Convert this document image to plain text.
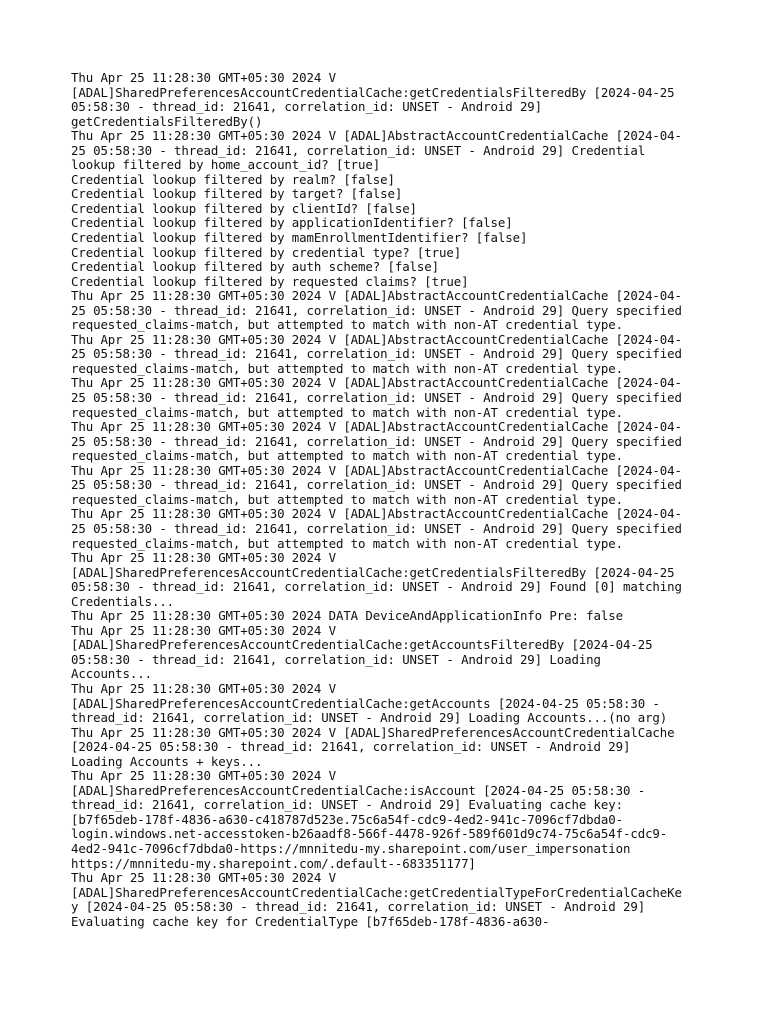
Thu Apr 25 11:28:30 GMT+05:30 2024 V
[ADAL]SharedPreferencesAccountCredentialCache:getCredentialsFilteredBy [2024-04-25
05:58:30 - thread_id: 21641, correlation_id: UNSET - Android 29]
getCredentialsFilteredBy()
Thu Apr 25 11:28:30 GMT+05:30 2024 V [ADAL]AbstractAccountCredentialCache [2024-04-
25 05:58:30 - thread_id: 21641, correlation_id: UNSET - Android 29] Credential
lookup filtered by home_account_id? [true]
Credential lookup filtered by realm? [false]
Credential lookup filtered by target? [false]
Credential lookup filtered by clientId? [false]
Credential lookup filtered by applicationIdentifier? [false]
Credential lookup filtered by mamEnrollmentIdentifier? [false]
Credential lookup filtered by credential type? [true]
Credential lookup filtered by auth scheme? [false]
Credential lookup filtered by requested claims? [true]
Thu Apr 25 11:28:30 GMT+05:30 2024 V [ADAL]AbstractAccountCredentialCache [2024-04-
25 05:58:30 - thread_id: 21641, correlation_id: UNSET - Android 29] Query specified
requested_claims-match, but attempted to match with non-AT credential type.
Thu Apr 25 11:28:30 GMT+05:30 2024 V [ADAL]AbstractAccountCredentialCache [2024-04-
25 05:58:30 - thread_id: 21641, correlation_id: UNSET - Android 29] Query specified
requested_claims-match, but attempted to match with non-AT credential type.
Thu Apr 25 11:28:30 GMT+05:30 2024 V [ADAL]AbstractAccountCredentialCache [2024-04-
25 05:58:30 - thread_id: 21641, correlation_id: UNSET - Android 29] Query specified
requested_claims-match, but attempted to match with non-AT credential type.
Thu Apr 25 11:28:30 GMT+05:30 2024 V [ADAL]AbstractAccountCredentialCache [2024-04-
25 05:58:30 - thread_id: 21641, correlation_id: UNSET - Android 29] Query specified
requested_claims-match, but attempted to match with non-AT credential type.
Thu Apr 25 11:28:30 GMT+05:30 2024 V [ADAL]AbstractAccountCredentialCache [2024-04-
25 05:58:30 - thread_id: 21641, correlation_id: UNSET - Android 29] Query specified
requested_claims-match, but attempted to match with non-AT credential type.
Thu Apr 25 11:28:30 GMT+05:30 2024 V [ADAL]AbstractAccountCredentialCache [2024-04-
25 05:58:30 - thread_id: 21641, correlation_id: UNSET - Android 29] Query specified
requested_claims-match, but attempted to match with non-AT credential type.
Thu Apr 25 11:28:30 GMT+05:30 2024 V
[ADAL]SharedPreferencesAccountCredentialCache:getCredentialsFilteredBy [2024-04-25
05:58:30 - thread_id: 21641, correlation_id: UNSET - Android 29] Found [0] matching
Credentials...
Thu Apr 25 11:28:30 GMT+05:30 2024 DATA DeviceAndApplicationInfo Pre: false
Thu Apr 25 11:28:30 GMT+05:30 2024 V
[ADAL]SharedPreferencesAccountCredentialCache:getAccountsFilteredBy [2024-04-25
05:58:30 - thread_id: 21641, correlation_id: UNSET - Android 29] Loading
Accounts...
Thu Apr 25 11:28:30 GMT+05:30 2024 V
[ADAL]SharedPreferencesAccountCredentialCache:getAccounts [2024-04-25 05:58:30 -
thread_id: 21641, correlation_id: UNSET - Android 29] Loading Accounts...(no arg)
Thu Apr 25 11:28:30 GMT+05:30 2024 V [ADAL]SharedPreferencesAccountCredentialCache
[2024-04-25 05:58:30 - thread_id: 21641, correlation_id: UNSET - Android 29]
Loading Accounts + keys...
Thu Apr 25 11:28:30 GMT+05:30 2024 V
[ADAL]SharedPreferencesAccountCredentialCache:isAccount [2024-04-25 05:58:30 -
thread_id: 21641, correlation_id: UNSET - Android 29] Evaluating cache key:
[b7f65deb-178f-4836-a630-c418787d523e.75c6a54f-cdc9-4ed2-941c-7096cf7dbda0-
login.windows.net-accesstoken-b26aadf8-566f-4478-926f-589f601d9c74-75c6a54f-cdc9-
4ed2-941c-7096cf7dbda0-https://mnnitedu-my.sharepoint.com/user_impersonation
https://mnnitedu-my.sharepoint.com/.default--683351177]
Thu Apr 25 11:28:30 GMT+05:30 2024 V
[ADAL]SharedPreferencesAccountCredentialCache:getCredentialTypeForCredentialCacheKe
y [2024-04-25 05:58:30 - thread_id: 21641, correlation_id: UNSET - Android 29]
Evaluating cache key for CredentialType [b7f65deb-178f-4836-a630-
